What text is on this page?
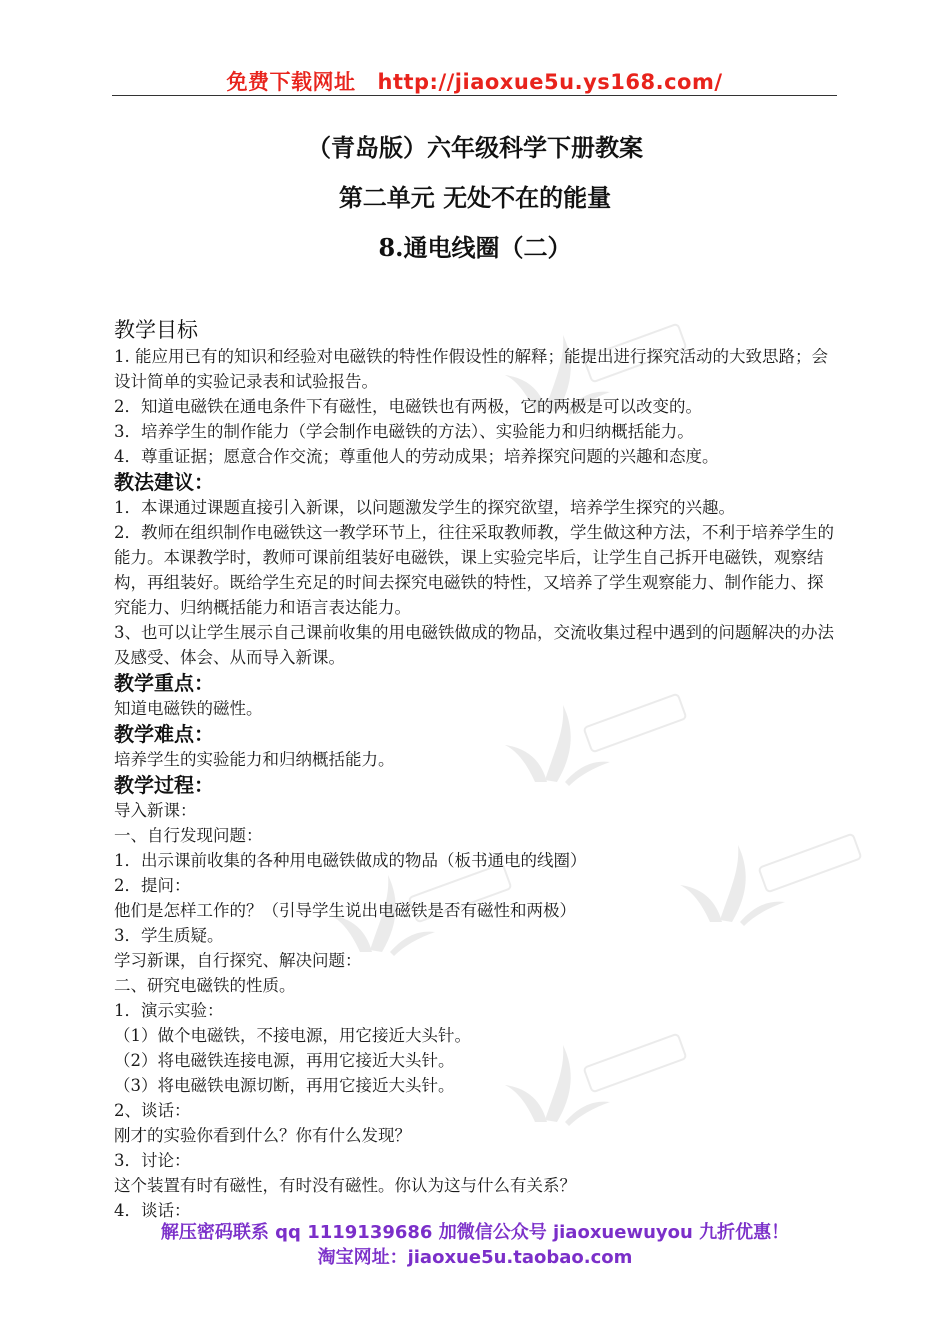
免费下载网址 http://jiaoxue5u.ys168.com/
（青岛版）六年级科学下册教案
第二单元 无处不在的能量
8.通电线圈（二）

教学目标

1. 能应用已有的知识和经验对电磁铁的特性作假设性的解释；能提出进行探究活动的大致思路；会设计简单的实验记录表和试验报告。

2．知道电磁铁在通电条件下有磁性，电磁铁也有两极，它的两极是可以改变的。

3．培养学生的制作能力（学会制作电磁铁的方法）、实验能力和归纳概括能力。

4．尊重证据；愿意合作交流；尊重他人的劳动成果；培养探究问题的兴趣和态度。

教法建议：

1．本课通过课题直接引入新课，以问题激发学生的探究欲望，培养学生探究的兴趣。

2．教师在组织制作电磁铁这一教学环节上，往往采取教师教，学生做这种方法，不利于培养学生的能力。本课教学时，教师可课前组装好电磁铁，课上实验完毕后，让学生自己拆开电磁铁，观察结构，再组装好。既给学生充足的时间去探究电磁铁的特性，又培养了学生观察能力、制作能力、探究能力、归纳概括能力和语言表达能力。

3、也可以让学生展示自己课前收集的用电磁铁做成的物品，交流收集过程中遇到的问题解决的办法及感受、体会、从而导入新课。

教学重点：

知道电磁铁的磁性。

教学难点：

培养学生的实验能力和归纳概括能力。

教学过程：

导入新课：

一、自行发现问题：

1．出示课前收集的各种用电磁铁做成的物品（板书通电的线圈）

2．提问：

他们是怎样工作的？（引导学生说出电磁铁是否有磁性和两极）

3．学生质疑。

学习新课，自行探究、解决问题：

二、研究电磁铁的性质。

1．演示实验：

（1）做个电磁铁，不接电源，用它接近大头针。

（2）将电磁铁连接电源，再用它接近大头针。

（3）将电磁铁电源切断，再用它接近大头针。

2、谈话：

刚才的实验你看到什么？你有什么发现？

3．讨论：

这个装置有时有磁性，有时没有磁性。你认为这与什么有关系？

4．谈话：

解压密码联系 qq 1119139686 加微信公众号 jiaoxuewuyou 九折优惠！
淘宝网址：jiaoxue5u.taobao.com
